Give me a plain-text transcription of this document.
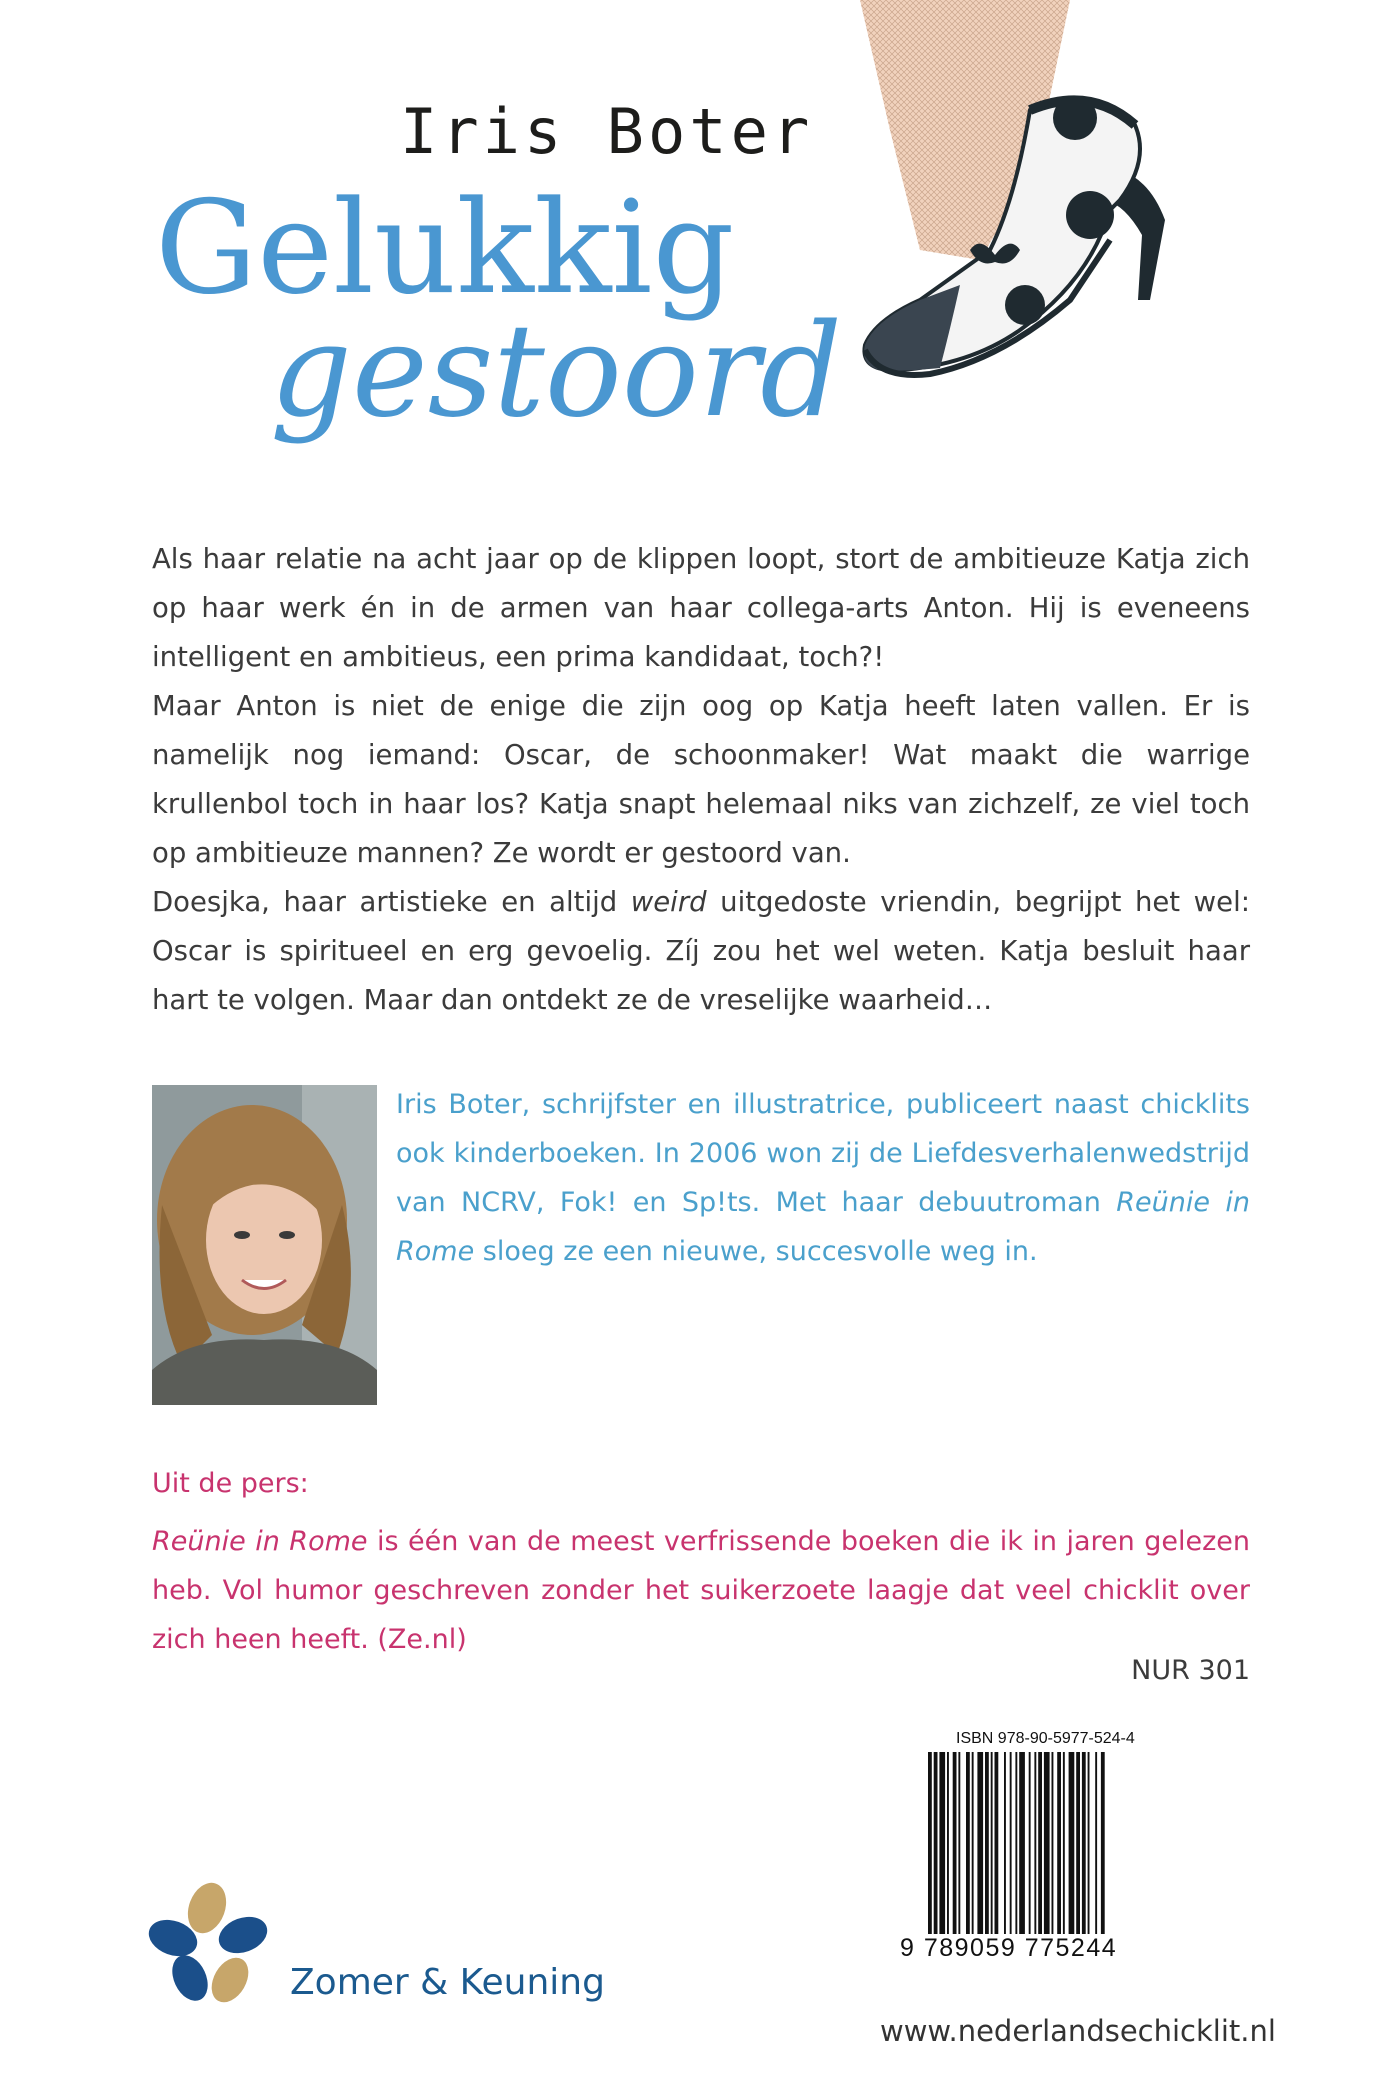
Iris Boter
Gelukkig
gestoord
Als haar relatie na acht jaar op de klippen loopt, stort de ambitieuze Katja zich op haar werk én in de armen van haar collega-arts Anton. Hij is eveneens intelligent en ambitieus, een prima kandidaat, toch?!
Maar Anton is niet de enige die zijn oog op Katja heeft laten vallen. Er is namelijk nog iemand: Oscar, de schoonmaker! Wat maakt die warrige krullenbol toch in haar los? Katja snapt helemaal niks van zichzelf, ze viel toch op ambitieuze mannen? Ze wordt er gestoord van.
Doesjka, haar artistieke en altijd weird uitgedoste vriendin, begrijpt het wel: Oscar is spiritueel en erg gevoelig. Zíj zou het wel weten. Katja besluit haar hart te volgen. Maar dan ontdekt ze de vreselijke waarheid…
Iris Boter, schrijfster en illustratrice, publiceert naast chicklits ook kinderboeken. In 2006 won zij de Liefdesverhalenwedstrijd van NCRV, Fok! en Sp!ts. Met haar debuutroman Reünie in Rome sloeg ze een nieuwe, succesvolle weg in.
Uit de pers:
Reünie in Rome is één van de meest verfrissende boeken die ik in jaren gelezen heb. Vol humor geschreven zonder het suikerzoete laagje dat veel chicklit over zich heen heeft. (Ze.nl)
NUR 301
ISBN 978-90-5977-524-4
9 789059 775244
Zomer & Keuning
www.nederlandsechicklit.nl
